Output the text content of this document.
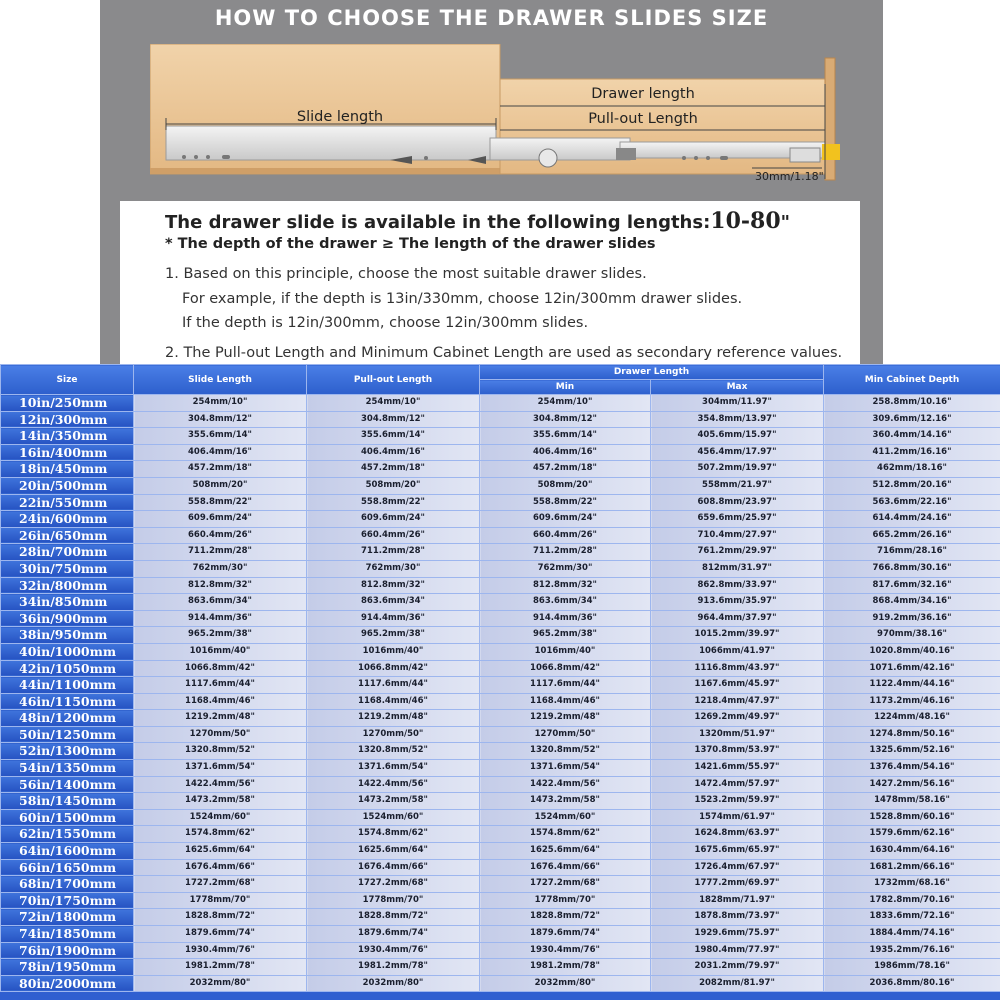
HOW TO CHOOSE THE DRAWER SLIDES SIZE
Slide length
Drawer length
Pull-out Length
30mm/1.18"
The drawer slide is available in the following lengths:10-80"
* The depth of the drawer ≥ The length of the drawer slides
1. Based on this principle, choose the most suitable drawer slides.
For example, if the depth is 13in/330mm, choose 12in/300mm drawer slides.
If the depth is 12in/300mm, choose 12in/300mm slides.
2. The Pull-out Length and Minimum Cabinet Length are used as secondary reference values.
Size	Slide Length	Pull-out Length	Drawer Length		Min Cabinet Depth
			Min	Max	
10in/250mm	254mm/10"	254mm/10"	254mm/10"	304mm/11.97"	258.8mm/10.16"
12in/300mm	304.8mm/12"	304.8mm/12"	304.8mm/12"	354.8mm/13.97"	309.6mm/12.16"
14in/350mm	355.6mm/14"	355.6mm/14"	355.6mm/14"	405.6mm/15.97"	360.4mm/14.16"
16in/400mm	406.4mm/16"	406.4mm/16"	406.4mm/16"	456.4mm/17.97"	411.2mm/16.16"
18in/450mm	457.2mm/18"	457.2mm/18"	457.2mm/18"	507.2mm/19.97"	462mm/18.16"
20in/500mm	508mm/20"	508mm/20"	508mm/20"	558mm/21.97"	512.8mm/20.16"
22in/550mm	558.8mm/22"	558.8mm/22"	558.8mm/22"	608.8mm/23.97"	563.6mm/22.16"
24in/600mm	609.6mm/24"	609.6mm/24"	609.6mm/24"	659.6mm/25.97"	614.4mm/24.16"
26in/650mm	660.4mm/26"	660.4mm/26"	660.4mm/26"	710.4mm/27.97"	665.2mm/26.16"
28in/700mm	711.2mm/28"	711.2mm/28"	711.2mm/28"	761.2mm/29.97"	716mm/28.16"
30in/750mm	762mm/30"	762mm/30"	762mm/30"	812mm/31.97"	766.8mm/30.16"
32in/800mm	812.8mm/32"	812.8mm/32"	812.8mm/32"	862.8mm/33.97"	817.6mm/32.16"
34in/850mm	863.6mm/34"	863.6mm/34"	863.6mm/34"	913.6mm/35.97"	868.4mm/34.16"
36in/900mm	914.4mm/36"	914.4mm/36"	914.4mm/36"	964.4mm/37.97"	919.2mm/36.16"
38in/950mm	965.2mm/38"	965.2mm/38"	965.2mm/38"	1015.2mm/39.97"	970mm/38.16"
40in/1000mm	1016mm/40"	1016mm/40"	1016mm/40"	1066mm/41.97"	1020.8mm/40.16"
42in/1050mm	1066.8mm/42"	1066.8mm/42"	1066.8mm/42"	1116.8mm/43.97"	1071.6mm/42.16"
44in/1100mm	1117.6mm/44"	1117.6mm/44"	1117.6mm/44"	1167.6mm/45.97"	1122.4mm/44.16"
46in/1150mm	1168.4mm/46"	1168.4mm/46"	1168.4mm/46"	1218.4mm/47.97"	1173.2mm/46.16"
48in/1200mm	1219.2mm/48"	1219.2mm/48"	1219.2mm/48"	1269.2mm/49.97"	1224mm/48.16"
50in/1250mm	1270mm/50"	1270mm/50"	1270mm/50"	1320mm/51.97"	1274.8mm/50.16"
52in/1300mm	1320.8mm/52"	1320.8mm/52"	1320.8mm/52"	1370.8mm/53.97"	1325.6mm/52.16"
54in/1350mm	1371.6mm/54"	1371.6mm/54"	1371.6mm/54"	1421.6mm/55.97"	1376.4mm/54.16"
56in/1400mm	1422.4mm/56"	1422.4mm/56"	1422.4mm/56"	1472.4mm/57.97"	1427.2mm/56.16"
58in/1450mm	1473.2mm/58"	1473.2mm/58"	1473.2mm/58"	1523.2mm/59.97"	1478mm/58.16"
60in/1500mm	1524mm/60"	1524mm/60"	1524mm/60"	1574mm/61.97"	1528.8mm/60.16"
62in/1550mm	1574.8mm/62"	1574.8mm/62"	1574.8mm/62"	1624.8mm/63.97"	1579.6mm/62.16"
64in/1600mm	1625.6mm/64"	1625.6mm/64"	1625.6mm/64"	1675.6mm/65.97"	1630.4mm/64.16"
66in/1650mm	1676.4mm/66"	1676.4mm/66"	1676.4mm/66"	1726.4mm/67.97"	1681.2mm/66.16"
68in/1700mm	1727.2mm/68"	1727.2mm/68"	1727.2mm/68"	1777.2mm/69.97"	1732mm/68.16"
70in/1750mm	1778mm/70"	1778mm/70"	1778mm/70"	1828mm/71.97"	1782.8mm/70.16"
72in/1800mm	1828.8mm/72"	1828.8mm/72"	1828.8mm/72"	1878.8mm/73.97"	1833.6mm/72.16"
74in/1850mm	1879.6mm/74"	1879.6mm/74"	1879.6mm/74"	1929.6mm/75.97"	1884.4mm/74.16"
76in/1900mm	1930.4mm/76"	1930.4mm/76"	1930.4mm/76"	1980.4mm/77.97"	1935.2mm/76.16"
78in/1950mm	1981.2mm/78"	1981.2mm/78"	1981.2mm/78"	2031.2mm/79.97"	1986mm/78.16"
80in/2000mm	2032mm/80"	2032mm/80"	2032mm/80"	2082mm/81.97"	2036.8mm/80.16"
